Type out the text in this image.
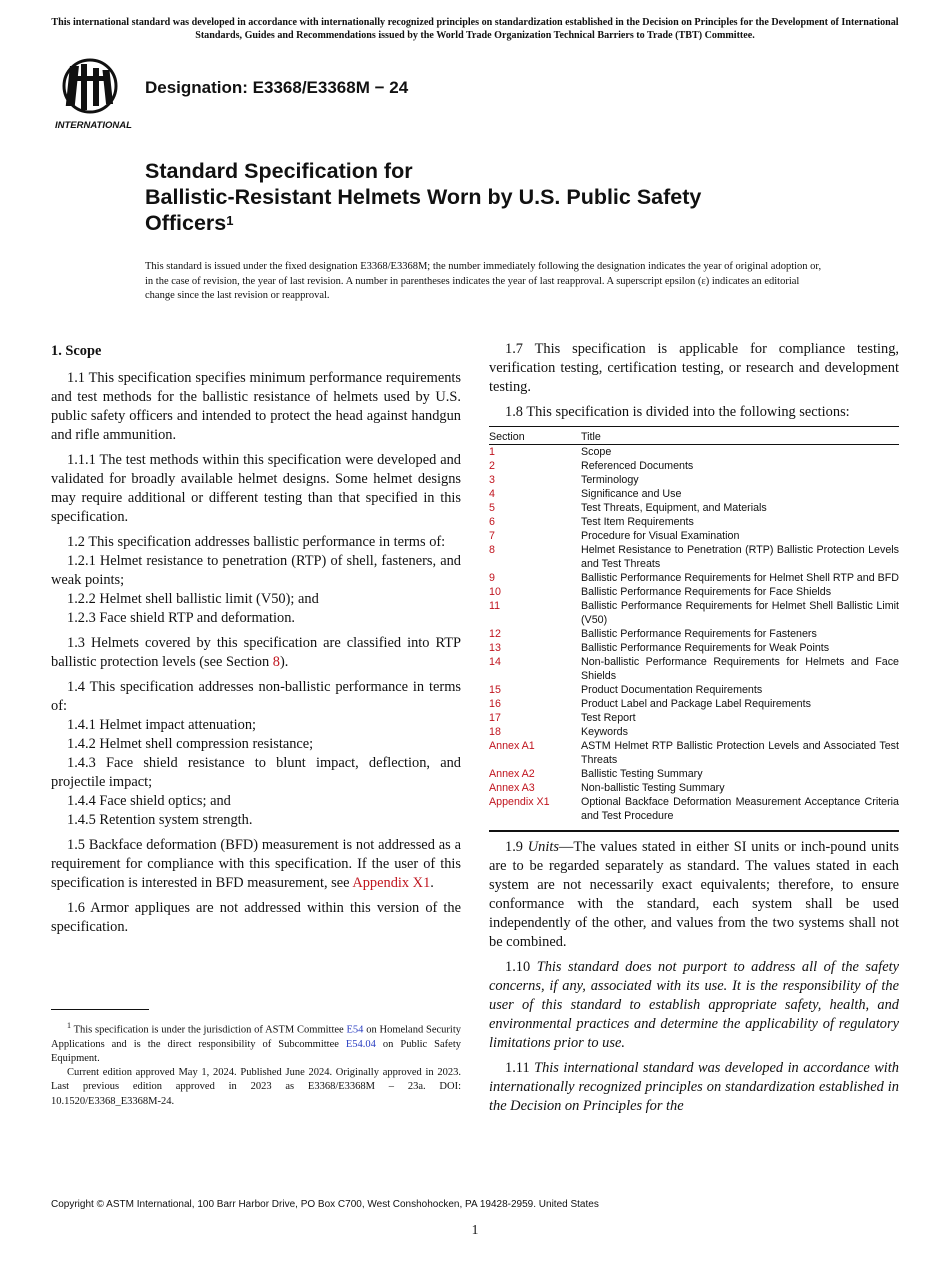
This international standard was developed in accordance with internationally recognized principles on standardization established in the Decision on Principles for the Development of International Standards, Guides and Recommendations issued by the World Trade Organization Technical Barriers to Trade (TBT) Committee.
INTERNATIONAL
Designation: E3368/E3368M − 24
Standard Specification for
Ballistic-Resistant Helmets Worn by U.S. Public Safety
Officers$^1$
This standard is issued under the fixed designation E3368/E3368M; the number immediately following the designation indicates the year of original adoption or, in the case of revision, the year of last revision. A number in parentheses indicates the year of last reapproval. A superscript epsilon (ε) indicates an editorial change since the last revision or reapproval.
1. Scope

1.1 This specification specifies minimum performance requirements and test methods for the ballistic resistance of helmets used by U.S. public safety officers and intended to protect the head against handgun and rifle ammunition.

1.1.1 The test methods within this specification were developed and validated for broadly available helmet designs. Some helmet designs may require additional or different testing than that specified in this specification.

1.2 This specification addresses ballistic performance in terms of:

1.2.1 Helmet resistance to penetration (RTP) of shell, fasteners, and weak points;

1.2.2 Helmet shell ballistic limit (V50); and

1.2.3 Face shield RTP and deformation.

1.3 Helmets covered by this specification are classified into RTP ballistic protection levels (see Section 8).

1.4 This specification addresses non-ballistic performance in terms of:

1.4.1 Helmet impact attenuation;

1.4.2 Helmet shell compression resistance;

1.4.3 Face shield resistance to blunt impact, deflection, and projectile impact;

1.4.4 Face shield optics; and

1.4.5 Retention system strength.

1.5 Backface deformation (BFD) measurement is not addressed as a requirement for compliance with this specification. If the user of this specification is interested in BFD measurement, see Appendix X1.

1.6 Armor appliques are not addressed within this version of the specification.

1.7 This specification is applicable for compliance testing, verification testing, certification testing, or research and development testing.

1.8 This specification is divided into the following sections:

Section	Title
1	Scope
2	Referenced Documents
3	Terminology
4	Significance and Use
5	Test Threats, Equipment, and Materials
6	Test Item Requirements
7	Procedure for Visual Examination
8	Helmet Resistance to Penetration (RTP) Ballistic Protection Levels and Test Threats
9	Ballistic Performance Requirements for Helmet Shell RTP and BFD
10	Ballistic Performance Requirements for Face Shields
11	Ballistic Performance Requirements for Helmet Shell Ballistic Limit (V50)
12	Ballistic Performance Requirements for Fasteners
13	Ballistic Performance Requirements for Weak Points
14	Non-ballistic Performance Requirements for Helmets and Face Shields
15	Product Documentation Requirements
16	Product Label and Package Label Requirements
17	Test Report
18	Keywords
Annex A1	ASTM Helmet RTP Ballistic Protection Levels and Associated Test Threats
Annex A2	Ballistic Testing Summary
Annex A3	Non-ballistic Testing Summary
Appendix X1	Optional Backface Deformation Measurement Acceptance Criteria and Test Procedure

1.9 Units—The values stated in either SI units or inch-pound units are to be regarded separately as standard. The values stated in each system are not necessarily exact equivalents; therefore, to ensure conformance with the standard, each system shall be used independently of the other, and values from the two systems shall not be combined.

1.10 This standard does not purport to address all of the safety concerns, if any, associated with its use. It is the responsibility of the user of this standard to establish appropriate safety, health, and environmental practices and determine the applicability of regulatory limitations prior to use.

1.11 This international standard was developed in accordance with internationally recognized principles on standardization established in the Decision on Principles for the

$^1$ This specification is under the jurisdiction of ASTM Committee E54 on Homeland Security Applications and is the direct responsibility of Subcommittee E54.04 on Public Safety Equipment.

Current edition approved May 1, 2024. Published June 2024. Originally approved in 2023. Last previous edition approved in 2023 as E3368/E3368M – 23a. DOI: 10.1520/E3368_E3368M-24.

Copyright © ASTM International, 100 Barr Harbor Drive, PO Box C700, West Conshohocken, PA 19428-2959. United States
1
